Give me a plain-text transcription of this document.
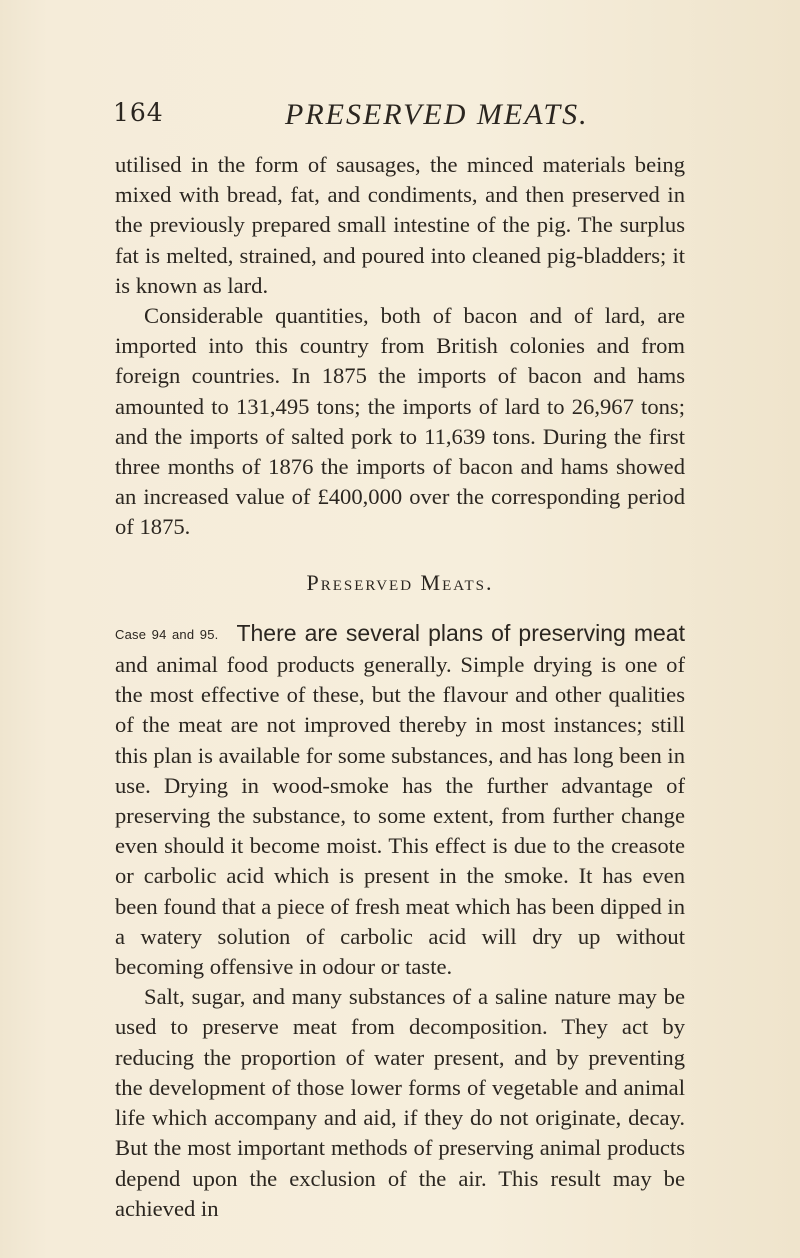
164	PRESERVED MEATS.

utilised in the form of sausages, the minced materials being mixed with bread, fat, and condiments, and then preserved in the previously prepared small intestine of the pig. The surplus fat is melted, strained, and poured into cleaned pig-bladders; it is known as lard.

Considerable quantities, both of bacon and of lard, are imported into this country from British colonies and from foreign countries. In 1875 the imports of bacon and hams amounted to 131,495 tons; the imports of lard to 26,967 tons; and the imports of salted pork to 11,639 tons. During the first three months of 1876 the imports of bacon and hams showed an increased value of £400,000 over the corresponding period of 1875.

Preserved Meats.

Case 94 and 95. There are several plans of preserving meat and animal food products generally. Simple drying is one of the most effective of these, but the flavour and other qualities of the meat are not improved thereby in most instances; still this plan is available for some substances, and has long been in use. Drying in wood-smoke has the further advantage of preserving the substance, to some extent, from further change even should it become moist. This effect is due to the creasote or carbolic acid which is present in the smoke. It has even been found that a piece of fresh meat which has been dipped in a watery solution of carbolic acid will dry up without becoming offensive in odour or taste.

Salt, sugar, and many substances of a saline nature may be used to preserve meat from decomposition. They act by reducing the proportion of water present, and by preventing the development of those lower forms of vegetable and animal life which accompany and aid, if they do not originate, decay. But the most important methods of preserving animal products depend upon the exclusion of the air. This result may be achieved in
